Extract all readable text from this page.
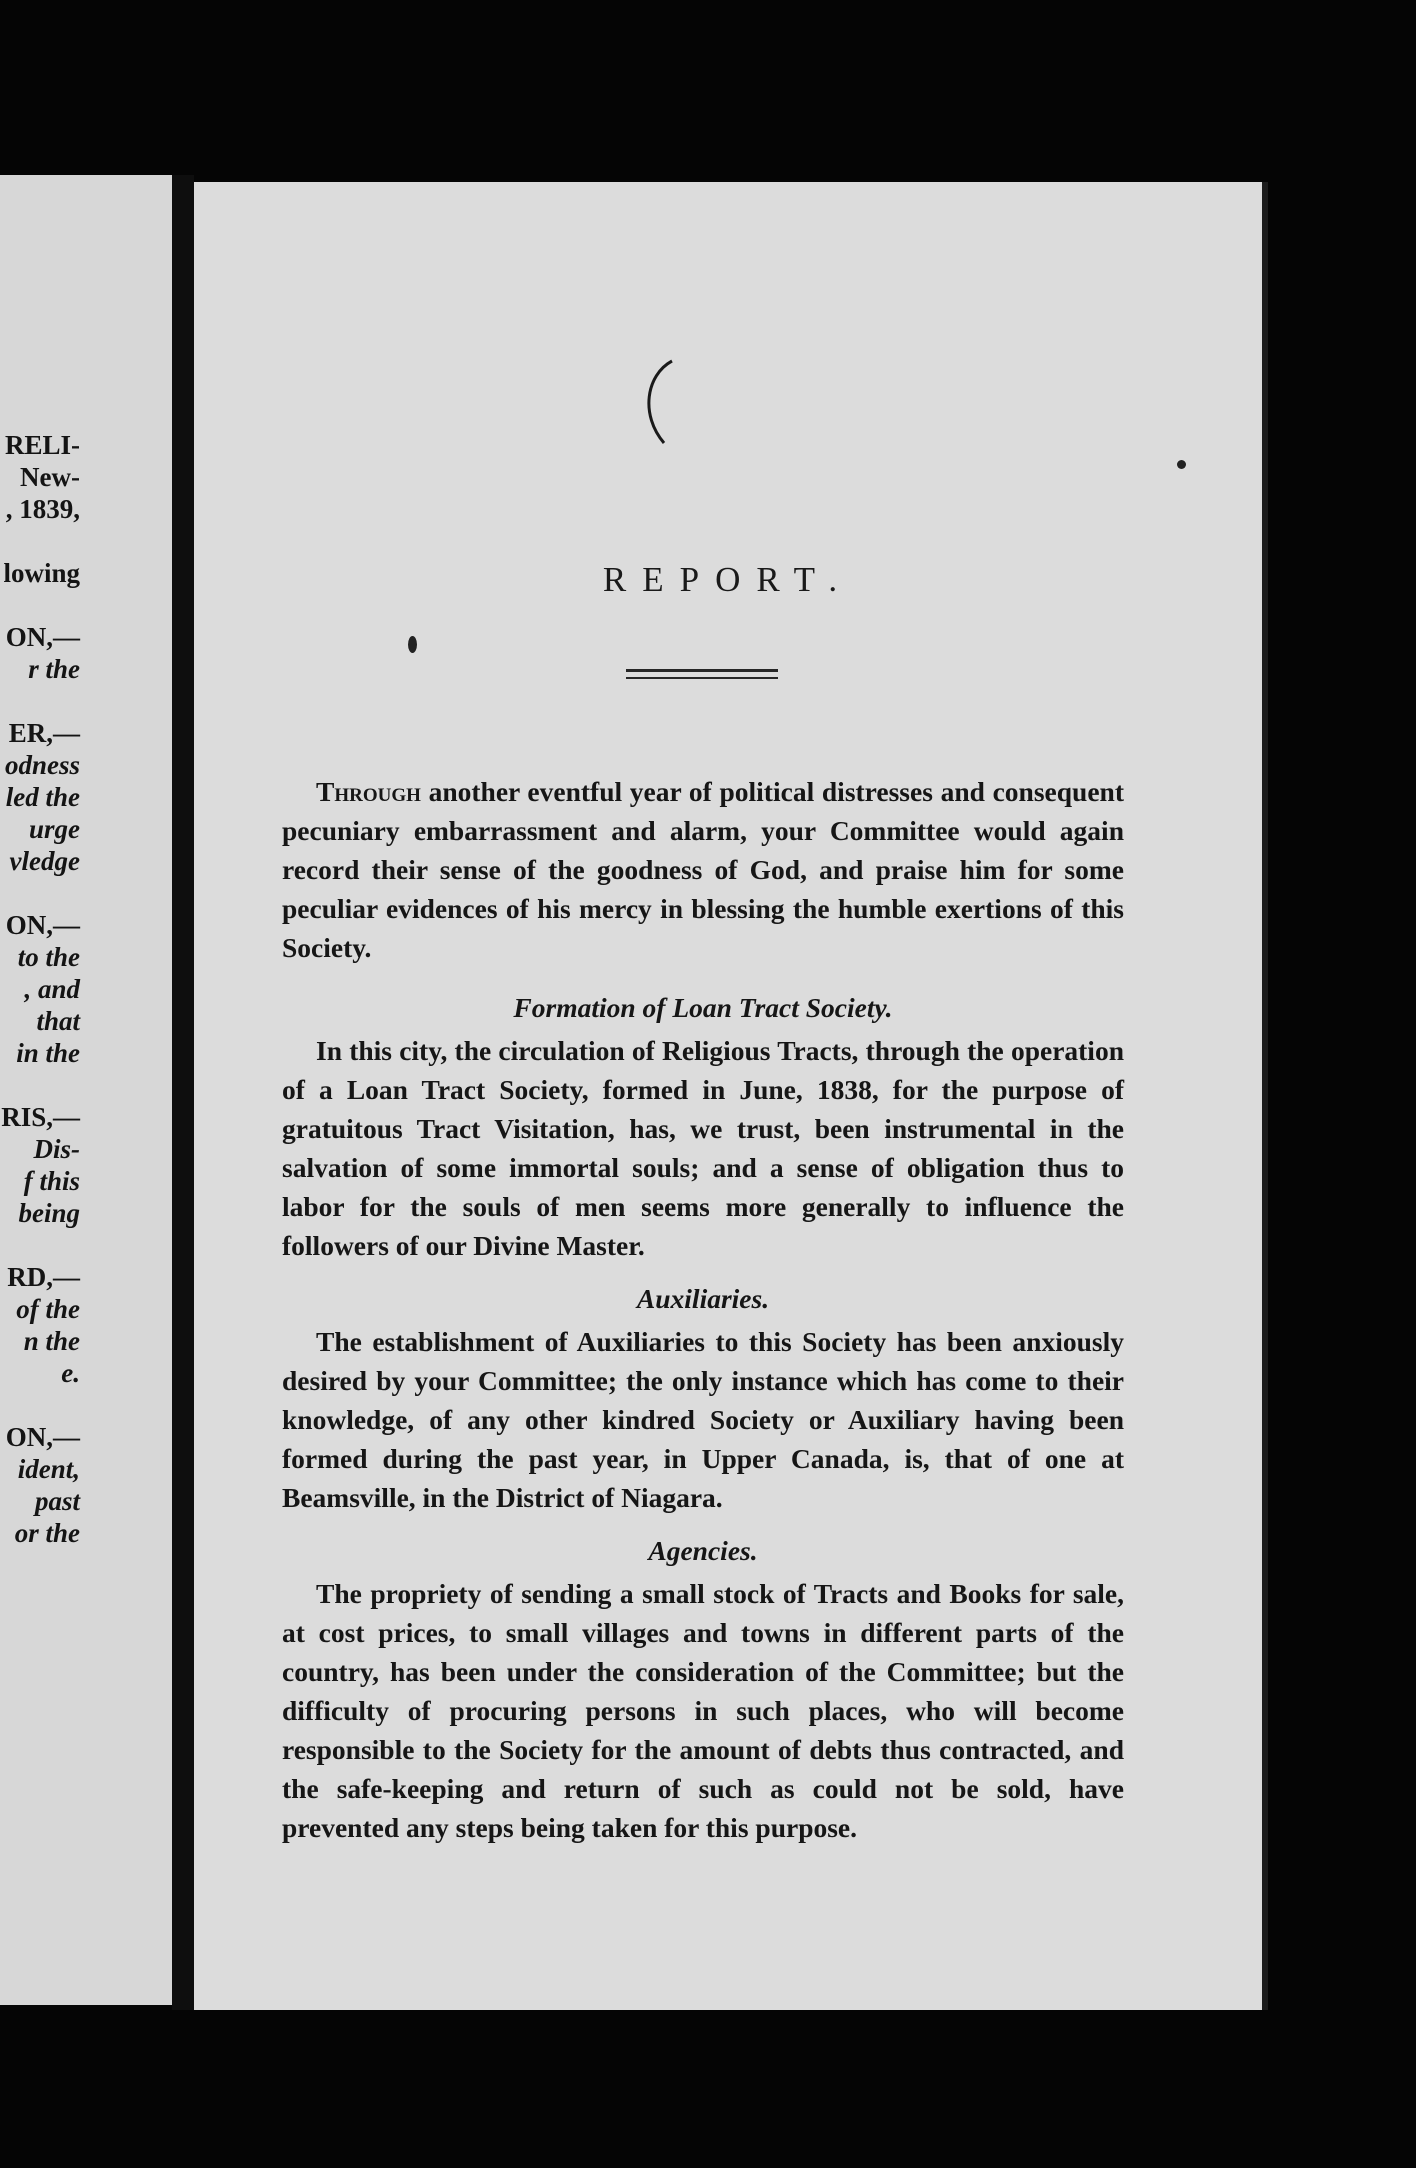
RELI-
New-
, 1839,

lowing

ON,—
r the

ER,—
odness
led the
urge
vledge

ON,—
to the
, and
that
in the

RIS,—
Dis-
f this
being

RD,—
of the
n the
e.

ON,—
ident,
past
or the
REPORT.

Through another eventful year of political distresses and consequent pecuniary embarrassment and alarm, your Committee would again record their sense of the goodness of God, and praise him for some peculiar evidences of his mercy in blessing the humble exertions of this Society.

Formation of Loan Tract Society.

In this city, the circulation of Religious Tracts, through the operation of a Loan Tract Society, formed in June, 1838, for the purpose of gratuitous Tract Visitation, has, we trust, been instrumental in the salvation of some immortal souls; and a sense of obligation thus to labor for the souls of men seems more generally to influence the followers of our Divine Master.

Auxiliaries.

The establishment of Auxiliaries to this Society has been anxiously desired by your Committee; the only instance which has come to their knowledge, of any other kindred Society or Auxiliary having been formed during the past year, in Upper Canada, is, that of one at Beamsville, in the District of Niagara.

Agencies.

The propriety of sending a small stock of Tracts and Books for sale, at cost prices, to small villages and towns in different parts of the country, has been under the consideration of the Committee; but the difficulty of procuring persons in such places, who will become responsible to the Society for the amount of debts thus contracted, and the safe-keeping and return of such as could not be sold, have prevented any steps being taken for this purpose.
